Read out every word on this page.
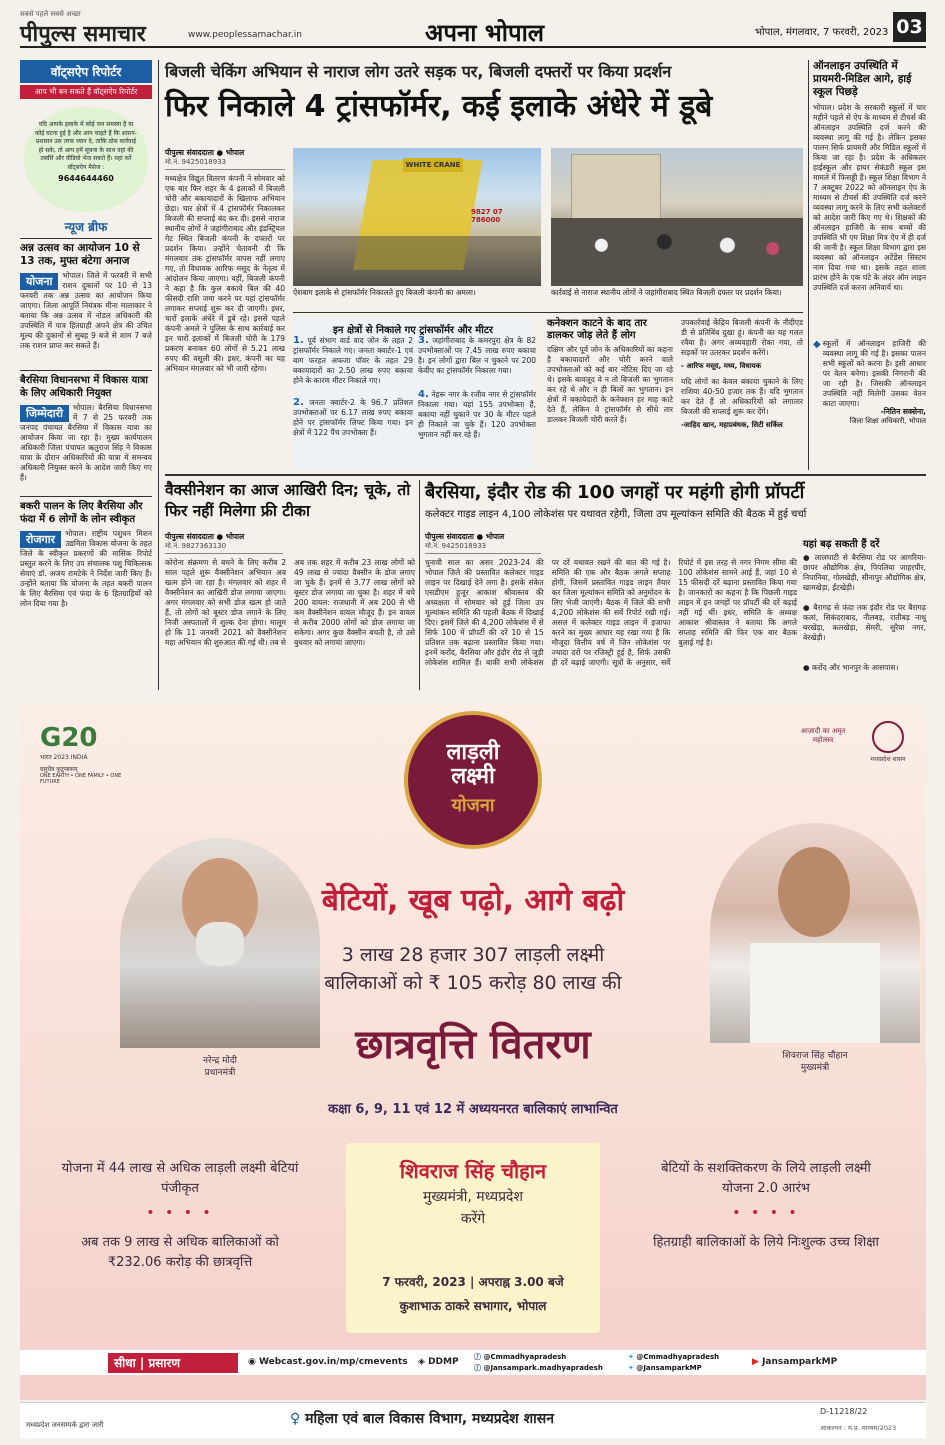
सबसे पहले सबसे अच्छा
पीपुल्स समाचार	www.peoplessamachar.in	अपना भोपाल	भोपाल, मंगलवार, 7 फरवरी, 2023 03
वॉट्सऐप रिपोर्टर
आप भी बन सकते हैं वॉट्सऐप रिपोर्टर
यदि आपके इलाके में कोई जन समस्या है या कोई घटना हुई है और आप चाहते हैं कि शासन-प्रशासन उस तरफ ध्यान दे, ताकि ठोस कार्रवाई हो सके, तो आप हमें सूचना के साथ वहां की तस्वीरें और वीडियो भेज सकते हैं। यहां करें वॉट्सऐप मैसेज :
9644644460
न्यूज ब्रीफ
अन्न उत्सव का आयोजन 10 से 13 तक, मुफ्त बंटेगा अनाज
योजना	भोपाल। जिले में फरवरी में सभी राशन दुकानों पर 10 से 13 फरवरी तक अन्न उत्सव का आयोजन किया जाएगा। जिला आपूर्ति नियंत्रक मीना मालाकार ने बताया कि अन्न उत्सव में नोडल अधिकारी की उपस्थिति में पात्र हितग्राही अपने क्षेत्र की उचित मूल्य की दुकानों से सुबह 9 बजे से शाम 7 बजे तक राशन प्राप्त कर सकते हैं।
बैरसिया विधानसभा में विकास यात्रा के लिए अधिकारी नियुक्त
जिम्मेदारी	भोपाल। बैरसिया विधानसभा में 7 से 25 फरवरी तक जनपद पंचायत बैरसिया में विकास यात्रा का आयोजन किया जा रहा है। मुख्य कार्यपालन अधिकारी जिला पंचायत ऋतुराज सिंह ने विकास यात्रा के दौरान अधिकारियों की यात्रा में समन्वय अधिकारी नियुक्त करने के आदेश जारी किए गए हैं।
बकरी पालन के लिए बैरसिया और फंदा में 6 लोगों के लोन स्वीकृत
रोजगार	भोपाल। राष्ट्रीय पशुधन मिशन उद्यमिता विकास योजना के तहत जिले के स्वीकृत प्रकरणों की मासिक रिपोर्ट प्रस्तुत करने के लिए उप संचालक पशु चिकित्सक सेवाएं डॉ. अजय रामटेके ने निर्देश जारी किए हैं। उन्होंने बताया कि योजना के तहत बकरी पालन के लिए बैरसिया एवं फंदा के 6 हितग्राहियों को लोन दिया गया है।
बिजली चेकिंग अभियान से नाराज लोग उतरे सड़क पर, बिजली दफ्तरों पर किया प्रदर्शन
फिर निकाले 4 ट्रांसफॉर्मर, कई इलाके अंधेरे में डूबे
पीपुल्स संवाददाता ● भोपाल
मो.नं. 9425018933
मध्यक्षेत्र विद्युत वितरण कंपनी ने सोमवार को एक बार फिर शहर के 4 इलाकों में बिजली चोरी और बकायादारों के खिलाफ अभियान छेड़ा। चार क्षेत्रों में 4 ट्रांसफॉर्मर निकालकर बिजली की सप्लाई बंद कर दी। इससे नाराज स्थानीय लोगों ने जहांगीराबाद और इंडस्ट्रियल गेट स्थित बिजली कंपनी के दफ्तरों पर प्रदर्शन किया। उन्होंने चेतावनी दी कि मंगलवार तक ट्रांसफॉर्मर वापस नहीं लगाए गए, तो विधायक आरिफ मसूद के नेतृत्व में आंदोलन किया जाएगा। वहीं, बिजली कंपनी ने कहा है कि कुल बकाये बिल की 40 फीसदी राशि जमा करने पर यहां ट्रांसफॉर्मर लगाकर सप्लाई शुरू कर दी जाएगी। इधर, चारों इलाके अंधेरे में डूबे रहे। इससे पहले कंपनी अमले ने पुलिस के साथ कार्रवाई कर इन चारों इलाकों में बिजली चोरी के 179 प्रकरण बनाकर 60 लोगों से 5.21 लाख रुपए की वसूली की। इधर, कंपनी का यह अभियान मंगलवार को भी जारी रहेगा।
WHITE CRANE
9827 07 786000
ऐशबाग इलाके से ट्रांसफॉर्मर निकालते हुए बिजली कंपनी का अमला।	कार्रवाई से नाराज स्थानीय लोगों ने जहांगीराबाद स्थित बिजली दफ्तर पर प्रदर्शन किया।
इन क्षेत्रों से निकाले गए ट्रांसफॉर्मर और मीटर
1. पूर्व संभाग वार्ड वाद जोन के तहत 2 ट्रांसफॉर्मर निकाले गए। जनता क्वार्टर-1 एवं बाग फरहत अफजा पॉवर के तहत 29 बकायादारों का 2.50 लाख रुपए बकाया होने के कारण मीटर निकाले गए।
2. जनता क्वार्टर-2 के 96.7 प्रतिशत उपभोक्ताओं पर 6.17 लाख रुपए बकाया होने पर ट्रांसफॉर्मर लिफ्ट किया गया। इन क्षेत्रों में 122 पैंच उपभोक्ता हैं।
3. जहांगीराबाद के कमरपुरा क्षेत्र के 82 उपभोक्ताओं पर 7.45 लाख रुपए बकाया है। इन लोगों द्वारा बिल न चुकाने पर 200 केवीए का ट्रांसफॉर्मर निकाला गया।
4. नेहरू नगर के रजीव नगर से ट्रांसफॉर्मर निकाला गया। यहां 155 उपभोक्ता हैं, बकाया नहीं चुकाने पर 30 के मीटर पहले ही निकाले जा चुके हैं। 120 उपभोक्ता भुगतान नहीं कर रहे हैं।
कनेक्शन काटने के बाद तार डालकर जोड़ लेते हैं लोग
दक्षिण और पूर्व जोन के अधिकारियों का कहना है बकायादारों और चोरी करने वाले उपभोक्ताओं को कई बार नोटिस दिए जा रहे थे। इसके बावजूद वे न तो बिजली का भुगतान कर रहे थे और न ही बिलों का भुगतान। इन क्षेत्रों में बकायेदारों के कनेक्शन हर माह काटे देते हैं, लेकिन वे ट्रांसफॉर्मर से सीधे तार डालकर बिजली चोरी करते हैं।
उपकार्रवाई केंद्रिय बिजली कंपनी के नीदीएड डी से प्रतिबिंब दुखा हूं। कंपनी का यह गलत रवैया है। अगर अव्यवहारी रोका गया, तो सड़कों पर उतरकर प्रदर्शन करेंगे।
- आरिफ मसूद, मध्य, विधायक
यदि लोगों का केवल बकाया चुकाने के लिए राशिया 40-50 हजार तक हैं। यदि भुगतान कर देते हैं तो अधिकारियों को लगातार बिजली की सप्लाई शुरू कर देंगे।
-जाहिद खान, महाप्रबंधक, सिटी सर्किल
ऑनलाइन उपस्थिति में प्रायमरी-मिडिल आगे, हाई स्कूल पिछड़े
भोपाल। प्रदेश के सरकारी स्कूलों में चार महीने पहले से ऐप के माध्यम से टीचर्स की ऑनलाइन उपस्थिति दर्ज करने की व्यवस्था लागू की गई है। लेकिन इसका पालन सिर्फ प्रायमरी और मिडिल स्कूलों में किया जा रहा है। प्रदेश के अधिकतर हाईस्कूल और हायर सेकंडरी स्कूल इस मामले में फिसड्डी हैं। स्कूल शिक्षा विभाग ने 7 अक्टूबर 2022 को ऑनलाइन ऐप के माध्यम से टीचर्स की उपस्थिति दर्ज करने व्यवस्था लागू करने के लिए सभी कलेक्टरों को आदेश जारी किए गए थे। शिक्षकों की ऑनलाइन हाजिरी के साथ बच्चों की उपस्थिति भी एम शिक्षा मित्र ऐप में ही दर्ज की जानी है। स्कूल शिक्षा विभाग द्वारा इस व्यवस्था को ऑनलाइन अटेंडेंस सिस्टम नाम दिया गया था। इसके तहत शाला प्रारंभ होने के एक घंटे के अंदर ऑन लाइन उपस्थिति दर्ज करना अनिवार्य था।
◆ स्कूलों में ऑनलाइन हाजिरी की व्यवस्था लागू की गई है। इसका पालन सभी स्कूलों को करना है। इसी आधार पर वेतन बनेगा। इसकी निगरानी की जा रही है। जिसकी ऑनलाइन उपस्थिति नहीं मिलेगी उसका वेतन काटा जाएगा।
-नितिन सक्सेना,
जिला शिक्षा अधिकारी, भोपाल
वैक्सीनेशन का आज आखिरी दिन; चूके, तो फिर नहीं मिलेगा फ्री टीका
पीपुल्स संवाददाता ● भोपाल
मो.नं. 9827363130
कोरोना संक्रमण से बचने के लिए करीब 2 साल पहले शुरू वैक्सीनेशन अभियान अब खत्म होने जा रहा है। मंगलवार को शहर में वैक्सीनेशन का आखिरी डोज लगाया जाएगा। अगर मंगलवार को सभी डोज खत्म हो जाते हैं, तो लोगों को बूस्टर डोज लगाने के लिए निजी अस्पतालों में शुल्क देना होगा। मालूम हो कि 11 जनवरी 2021 को वैक्सीनेशन महा अभियान की शुरुआत की गई थी। तब से अब तक शहर में करीब 23 लाख लोगों को 49 लाख से ज्यादा वैक्सीन के डोज लगाए जा चुके हैं। इनमें से 3.77 लाख लोगों को बूस्टर डोज लगाया जा चुका है। शहर में बचे 200 वायल: राजधानी में अब 200 से भी कम वैक्सीनेशन वायल मौजूद हैं। इन वायल से करीब 2000 लोगों को डोज लगाया जा सकेगा। अगर कुछ वैक्सीन बचती है, तो उसे बुधवार को लगाया जाएगा।
बैरसिया, इंदौर रोड की 100 जगहों पर महंगी होगी प्रॉपर्टी
कलेक्टर गाइड लाइन 4,100 लोकेशंस पर यथावत रहेगी, जिला उप मूल्यांकन समिति की बैठक में हुई चर्चा
पीपुल्स संवाददाता ● भोपाल
मो.नं. 9425018933
चुनावी साल का असर 2023-24 की भोपाल जिले की प्रस्तावित कलेक्टर गाइड लाइन पर दिखाई देने लगा है। इसके संकेत एसडीएम हुजूर आकाश श्रीवास्तव की अध्यक्षता में सोमवार को हुई जिला उप मूल्यांकन समिति की पहली बैठक में दिखाई दिए। इसमें जिले की 4,200 लोकेशंस में से सिर्फ 100 में प्रॉपर्टी की दरें 10 से 15 प्रतिशत तक बढ़ाना प्रस्तावित किया गया। इनमें करोंद, बैरसिया और इंदौर रोड से जुड़ी लोकेशंस शामिल हैं। बाकी सभी लोकेशंस पर दरें यथावत रखने की बात की गई है। समिति की एक और बैठक अगले सप्ताह होगी, जिसमें प्रस्तावित गाइड लाइन तैयार कर जिला मूल्यांकन समिति को अनुमोदन के लिए भेजी जाएगी। बैठक में जिले की सभी 4,200 लोकेशंस की सर्वे रिपोर्ट रखी गई। असल में कलेक्टर गाइड लाइन में इजाफा करने का मुख्य आधार यह रखा गया है कि मौजूदा वित्तीय वर्ष में जिन लोकेशंस पर ज्यादा दरों पर रजिस्ट्री हुई है, सिर्फ उसकी ही दरें बढ़ाई जाएगी। सूत्रों के अनुसार, सर्वे रिपोर्ट में इस तरह से नगर निगम सीमा की 100 लोकेशंस सामने आई हैं, जहां 10 से 15 फीसदी दरें बढ़ाना प्रस्तावित किया गया है। जानकारों का कहना है कि पिछली गाइड लाइन में इन जगहों पर प्रॉपर्टी की दरें बढ़ाई नहीं गई थीं। इधर, समिति के अध्यक्ष आकाश श्रीवास्तव ने बताया कि अगले सप्ताह समिति की फिर एक बार बैठक बुलाई गई है।
यहां बढ़ सकती हैं दरें
● लालघाटी से बैरसिया रोड पर आगरिया-छापर औद्योगिक क्षेत्र, पिपलिया जाहरपीर, निपानिया, गोलखेड़ी, सीनापुर औद्योगिक क्षेत्र, खामखेड़ा, ईंटखेड़ी।
● बैरागढ़ से फंदा तक इंदौर रोड पर बैरागढ़ कलां, सिकंदराबाद, नीलबड़, रातीबड़ नाथू बरखेड़ा, कलखेड़ा, सेमरी, सुरैया नगर, बेरखेड़ी।
● करोंद और भानपुर के आसपास।
G20
भारत 2023 INDIA
वसुधैव कुटुम्बकम्
ONE EARTH • ONE FAMILY • ONE FUTURE
आज़ादी का अमृत महोत्सव
मध्यप्रदेश शासन
लाड़ली
लक्ष्मी
योजना
नरेन्द्र मोदी
प्रधानमंत्री
शिवराज सिंह चौहान
मुख्यमंत्री
बेटियों, खूब पढ़ो, आगे बढ़ो
3 लाख 28 हजार 307 लाड़ली लक्ष्मी
बालिकाओं को ₹ 105 करोड़ 80 लाख की
छात्रवृत्ति वितरण
कक्षा 6, 9, 11 एवं 12 में अध्ययनरत बालिकाएं लाभान्वित
योजना में 44 लाख से अधिक लाड़ली लक्ष्मी बेटियां पंजीकृत
• • • •
अब तक 9 लाख से अधिक बालिकाओं को ₹232.06 करोड़ की छात्रवृत्ति
बेटियों के सशक्तिकरण के लिये लाड़ली लक्ष्मी योजना 2.0 आरंभ
• • • •
हितग्राही बालिकाओं के लिये निःशुल्क उच्च शिक्षा
शिवराज सिंह चौहान
मुख्यमंत्री, मध्यप्रदेश
करेंगे
7 फरवरी, 2023 | अपराह्न 3.00 बजे
कुशाभाऊ ठाकरे सभागार, भोपाल
सीधा | प्रसारण	◉ Webcast.gov.in/mp/cmevents ◈ DDMP ⓕ @Cmmadhyapradesh
ⓕ @Jansampark.madhyapradesh
✦ @Cmmadhyapradesh
✦ @JansamparkMP
▶ JansamparkMP
मध्यप्रदेश जनसम्पर्क द्वारा जारी	♀ महिला एवं बाल विकास विभाग, मध्यप्रदेश शासन	D-11218/22
आकल्पन : म.प्र. माध्यम/2023
